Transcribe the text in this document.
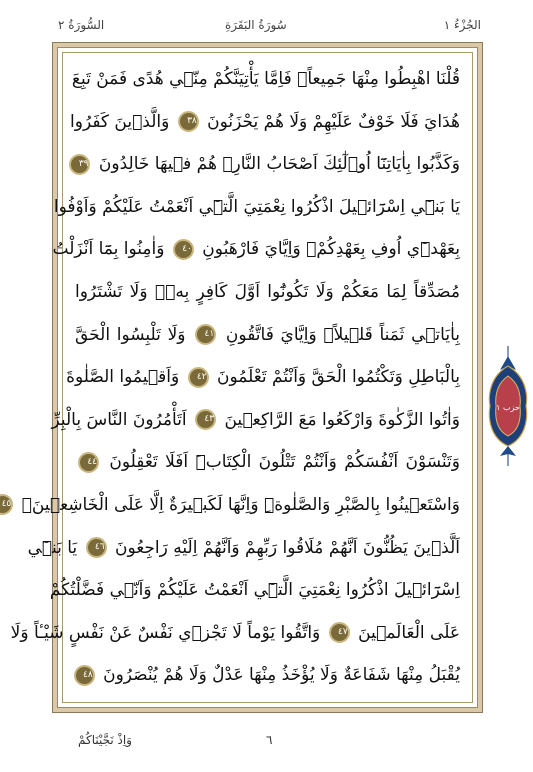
الجُزْءُ ١
سُورَةُ البَقَرَةِ
السُّورَةُ ٢
قُلْنَا اهْبِطُوا مِنْهَا جَمِيعاًۚ فَاِمَّا يَأْتِيَنَّكُمْ مِنّ۪ي هُدًى فَمَنْ تَبِعَ
هُدَايَ فَلَا خَوْفٌ عَلَيْهِمْ وَلَا هُمْ يَحْزَنُونَ ٣٨ وَالَّذ۪ينَ كَفَرُوا
وَكَذَّبُوا بِاٰيَاتِنَٓا اُو۬لٰٓئِكَ اَصْحَابُ النَّارِۚ هُمْ ف۪يهَا خَالِدُونَ ٣٩
يَا بَن۪ٓي اِسْرَٓائ۪يلَ اذْكُرُوا نِعْمَتِيَ الَّت۪ٓي اَنْعَمْتُ عَلَيْكُمْ وَاَوْفُوا
بِعَهْد۪ٓي اُوفِ بِعَهْدِكُمْۚ وَاِيَّايَ فَارْهَبُونِ ٤٠ وَاٰمِنُوا بِمَٓا اَنْزَلْتُ
مُصَدِّقاً لِمَا مَعَكُمْ وَلَا تَكُونُٓوا اَوَّلَ كَافِرٍ بِه۪ۖ وَلَا تَشْتَرُوا
بِاٰيَات۪ي ثَمَناً قَل۪يلاًۘ وَاِيَّايَ فَاتَّقُونِ ٤١ وَلَا تَلْبِسُوا الْحَقَّ
بِالْبَاطِلِ وَتَكْتُمُوا الْحَقَّ وَاَنْتُمْ تَعْلَمُونَ ٤٢ وَاَق۪يمُوا الصَّلٰوةَ
وَاٰتُوا الزَّكٰوةَ وَارْكَعُوا مَعَ الرَّاكِع۪ينَ ٤٣ اَتَأْمُرُونَ النَّاسَ بِالْبِرِّ
وَتَنْسَوْنَ اَنْفُسَكُمْ وَاَنْتُمْ تَتْلُونَ الْكِتَابَۜ اَفَلَا تَعْقِلُونَ ٤٤
وَاسْتَع۪ينُوا بِالصَّبْرِ وَالصَّلٰوةِۜ وَاِنَّهَا لَكَب۪يرَةٌ اِلَّا عَلَى الْخَاشِع۪ينَۙ ٤٥
اَلَّذ۪ينَ يَظُنُّونَ اَنَّهُمْ مُلَاقُوا رَبِّهِمْ وَاَنَّهُمْ اِلَيْهِ رَاجِعُونَ ٤٦ يَا بَن۪ٓي
اِسْرَٓائ۪يلَ اذْكُرُوا نِعْمَتِيَ الَّت۪ٓي اَنْعَمْتُ عَلَيْكُمْ وَاَنّ۪ي فَضَّلْتُكُمْ
عَلَى الْعَالَم۪ينَ ٤٧ وَاتَّقُوا يَوْماً لَا تَجْز۪ي نَفْسٌ عَنْ نَفْسٍ شَيْـٔاً وَلَا
يُقْبَلُ مِنْهَا شَفَاعَةٌ وَلَا يُؤْخَذُ مِنْهَا عَدْلٌ وَلَا هُمْ يُنْصَرُونَ ٤٨
حزب ١
٦
وَاِذْ نَجَّيْنَاكُمْ
